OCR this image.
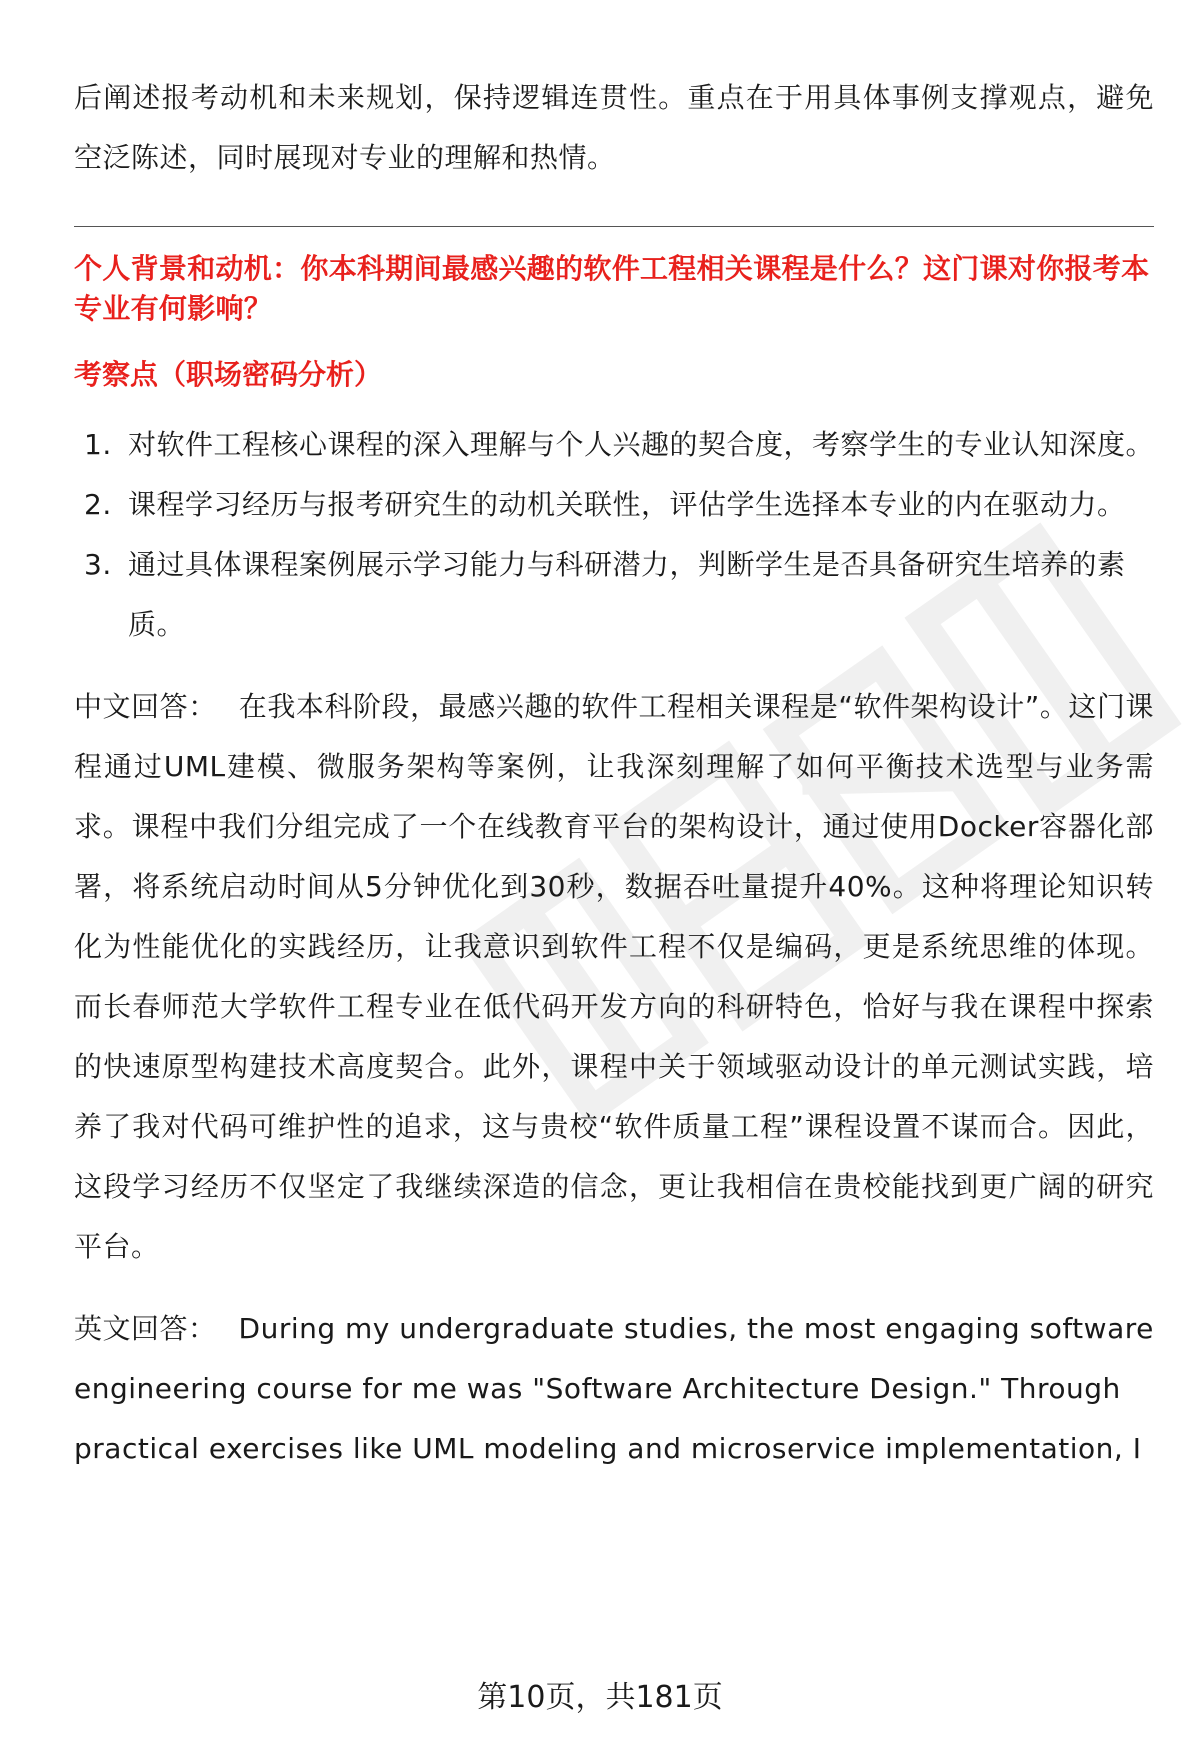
后阐述报考动机和未来规划，保持逻辑连贯性。重点在于用具体事例支撑观点，避免空泛陈述，同时展现对专业的理解和热情。

个人背景和动机：你本科期间最感兴趣的软件工程相关课程是什么？这门课对你报考本专业有何影响？

考察点（职场密码分析）

1. 对软件工程核心课程的深入理解与个人兴趣的契合度，考察学生的专业认知深度。
2. 课程学习经历与报考研究生的动机关联性，评估学生选择本专业的内在驱动力。
3. 通过具体课程案例展示学习能力与科研潜力，判断学生是否具备研究生培养的素质。

中文回答： 在我本科阶段，最感兴趣的软件工程相关课程是“软件架构设计”。这门课程通过UML建模、微服务架构等案例，让我深刻理解了如何平衡技术选型与业务需求。课程中我们分组完成了一个在线教育平台的架构设计，通过使用Docker容器化部署，将系统启动时间从5分钟优化到30秒，数据吞吐量提升40%。这种将理论知识转化为性能优化的实践经历，让我意识到软件工程不仅是编码，更是系统思维的体现。而长春师范大学软件工程专业在低代码开发方向的科研特色，恰好与我在课程中探索的快速原型构建技术高度契合。此外，课程中关于领域驱动设计的单元测试实践，培养了我对代码可维护性的追求，这与贵校“软件质量工程”课程设置不谋而合。因此，这段学习经历不仅坚定了我继续深造的信念，更让我相信在贵校能找到更广阔的研究平台。

英文回答： During my undergraduate studies, the most engaging software engineering course for me was "Software Architecture Design." Through practical exercises like UML modeling and microservice implementation, I

第10页，共181页
